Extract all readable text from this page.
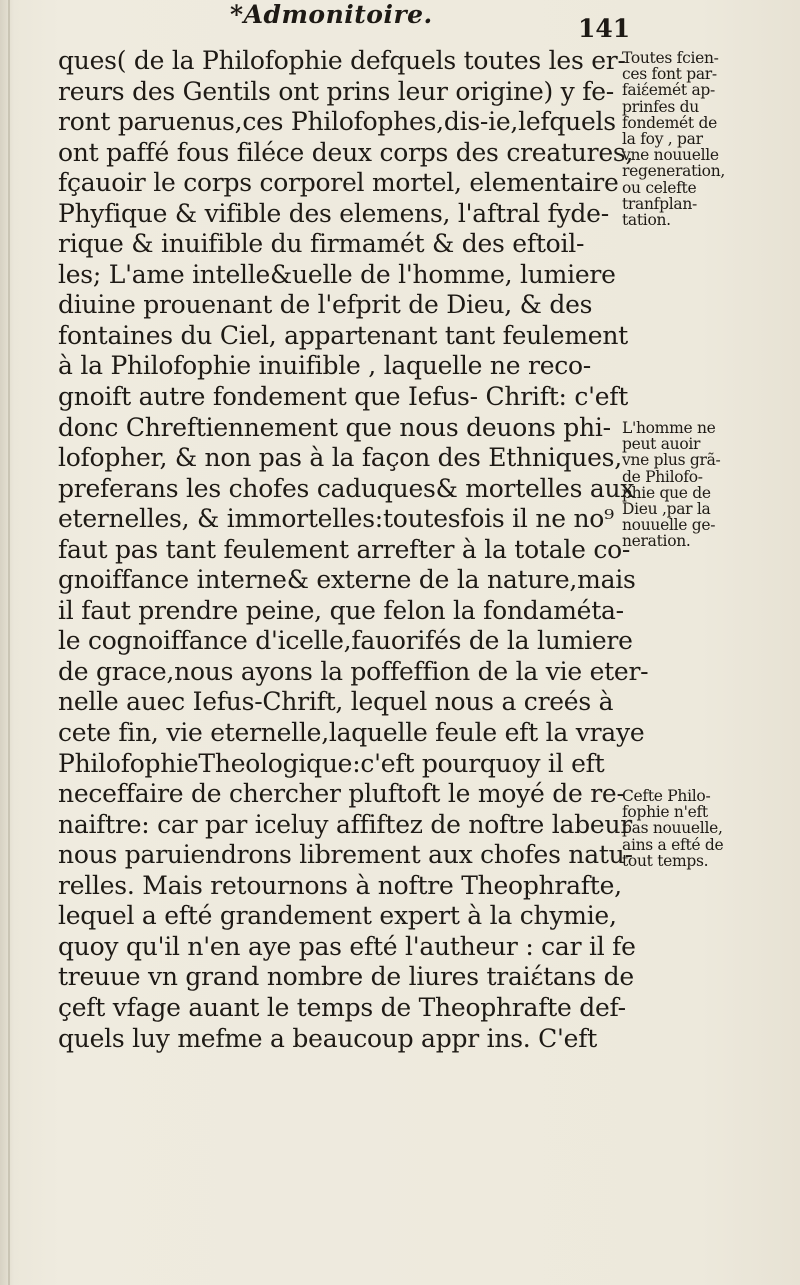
*Admonitoire.	141
ques( de la Philofophie defquels toutes les er-
reurs des Gentils ont prins leur origine) y fe-
ront paruenus,ces Philofophes,dis-ie,lefquels
ont paffé fous filéce deux corps des creatures,
fçauoir le corps corporel mortel, elementaire
Phyfique & vifible des elemens, l'aftral fyde-
rique & inuifible du firmamét & des eftoil-
les; L'ame intelle&uelle de l'homme, lumiere
diuine prouenant de l'efprit de Dieu, & des
fontaines du Ciel, appartenant tant feulement
à la Philofophie inuifible , laquelle ne reco-
gnoift autre fondement que Iefus- Chrift: c'eft
donc Chreftiennement que nous deuons phi-
lofopher, & non pas à la façon des Ethniques,
preferans les chofes caduques& mortelles aux
eternelles, & immortelles:toutesfois il ne no⁹
faut pas tant feulement arrefter à la totale co-
gnoiffance interne& externe de la nature,mais
il faut prendre peine, que felon la fondaméta-
le cognoiffance d'icelle,fauorifés de la lumiere
de grace,nous ayons la poffeffion de la vie eter-
nelle auec Iefus-Chrift, lequel nous a creés à
cete fin, vie eternelle,laquelle feule eft la vraye
PhilofophieTheologique:c'eft pourquoy il eft
neceffaire de chercher pluftoft le moyé de re-
naiftre: car par iceluy affiftez de noftre labeur
nous paruiendrons librement aux chofes natu-
relles. Mais retournons à noftre Theophrafte,
lequel a efté grandement expert à la chymie,
quoy qu'il n'en ayе pas efté l'autheur : car il fe
treuue vn grand nombre de liures traiέtans de
çeft vfage auant le temps de Theophrafte def-
quels luy mefme a beaucoup appr ins. C'eft
Toutes fcien-
ces font par-
faiέemét ap-
prinfes du
fondemét de
la foy , par
vne nouuelle
regeneration,
ou celefte
tranfplan-
tation.
L'homme ne
peut auoir
vne plus grã-
de Philofo-
phie que de
Dieu ,par la
nouuelle ge-
neration.
Cefte Philo-
fophie n'eft
pas nouuelle,
ains a efté de
tout temps.
